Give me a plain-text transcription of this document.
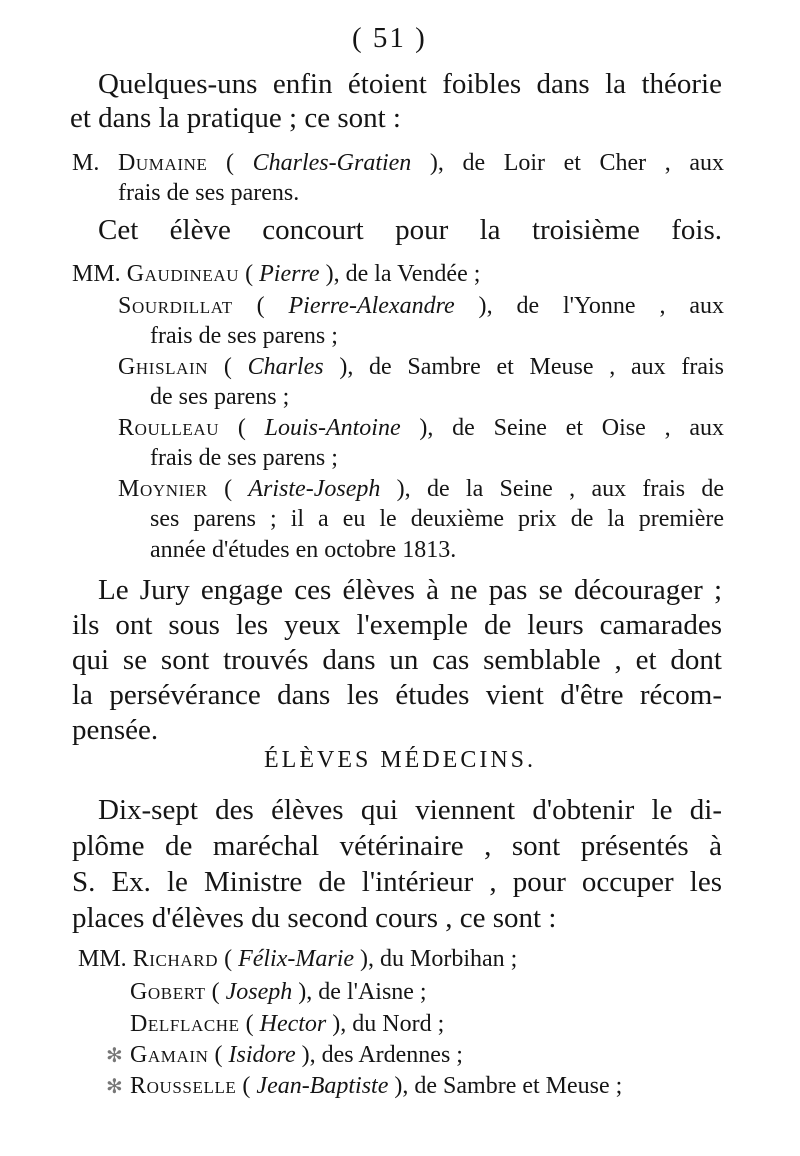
( 51 )
Quelques-uns enfin étoient foibles dans la théorie
et dans la pratique ; ce sont :
M. Dumaine ( Charles-Gratien ), de Loir et Cher , aux
frais de ses parens.
Cet élève concourt pour la troisième fois.
MM. Gaudineau ( Pierre ), de la Vendée ;
Sourdillat ( Pierre-Alexandre ), de l'Yonne , aux
frais de ses parens ;
Ghislain ( Charles ), de Sambre et Meuse , aux frais
de ses parens ;
Roulleau ( Louis-Antoine ), de Seine et Oise , aux
frais de ses parens ;
Moynier ( Ariste-Joseph ), de la Seine , aux frais de
ses parens ; il a eu le deuxième prix de la première
année d'études en octobre 1813.
Le Jury engage ces élèves à ne pas se décourager ;
ils ont sous les yeux l'exemple de leurs camarades
qui se sont trouvés dans un cas semblable , et dont
la persévérance dans les études vient d'être récom-
pensée.
ÉLÈVES MÉDECINS.
Dix-sept des élèves qui viennent d'obtenir le di-
plôme de maréchal vétérinaire , sont présentés à
S. Ex. le Ministre de l'intérieur , pour occuper les
places d'élèves du second cours , ce sont :
MM. Richard ( Félix-Marie ), du Morbihan ;
Gobert ( Joseph ), de l'Aisne ;
Delflache ( Hector ), du Nord ;
✻ Gamain ( Isidore ), des Ardennes ;
✻ Rousselle ( Jean-Baptiste ), de Sambre et Meuse ;
